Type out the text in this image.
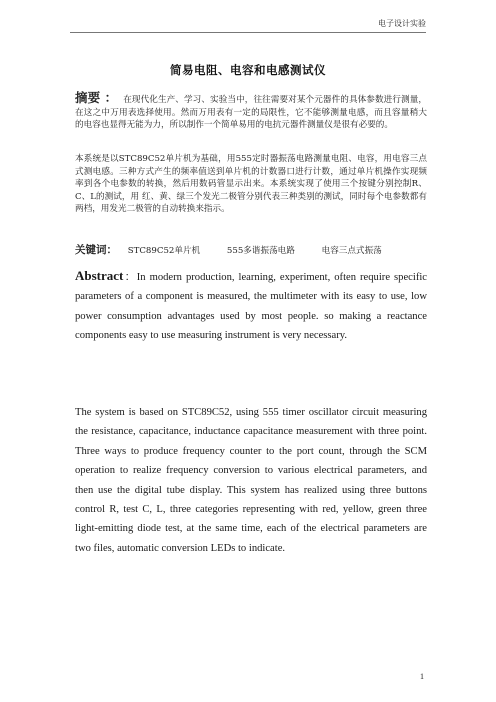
电子设计实验
简易电阻、电容和电感测试仪
摘要 ： 在现代化生产、学习、实验当中，往往需要对某个元器件的具体参数进行测量，在这之中万用表选择使用。然而万用表有一定的局限性，它不能够测量电感，而且容量稍大的电容也显得无能为力，所以制作一个简单易用的电抗元器件测量仪是很有必要的。
本系统是以STC89C52单片机为基础，用555定时器振荡电路测量电阻、电容，用电容三点式测电感。三种方式产生的频率值送到单片机的计数器口进行计数，通过单片机操作实现频率到各个电参数的转换，然后用数码管显示出来。本系统实现了使用三个按键分别控制R、C、L的测试，用 红、黄、绿三个发光二极管分别代表三种类别的测试，同时每个电参数都有两档，用发光二极管的自动转换来指示。
关键词： STC89C52单片机	555多谐振荡电路	电容三点式振荡
Abstract：In modern production, learning, experiment, often require specific parameters of a component is measured, the multimeter with its easy to use, low power consumption advantages used by most people. so making a reactance components easy to use measuring instrument is very necessary.
The system is based on STC89C52, using 555 timer oscillator circuit measuring the resistance, capacitance, inductance capacitance measurement with three point. Three ways to produce frequency counter to the port count, through the SCM operation to realize frequency conversion to various electrical parameters, and then use the digital tube display. This system has realized using three buttons control R, test C, L, three categories representing with red, yellow, green three light-emitting diode test, at the same time, each of the electrical parameters are two files, automatic conversion LEDs to indicate.
1
